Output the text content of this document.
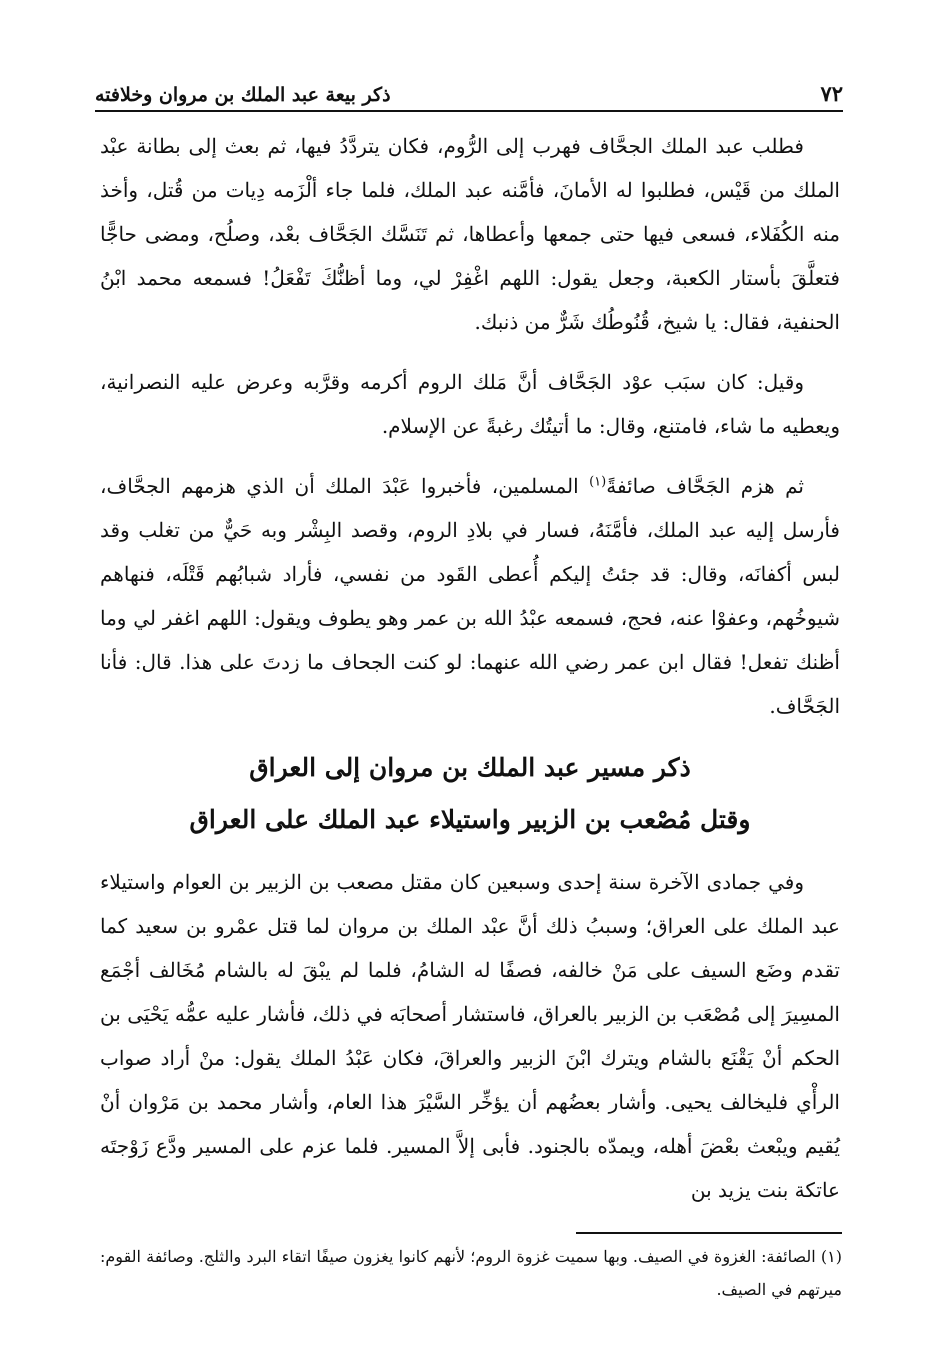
٧٢
ذكر بيعة عبد الملك بن مروان وخلافته

فطلب عبد الملك الجحَّاف فهرب إلى الرُّوم، فكان يتردَّدُ فيها، ثم بعث إلى بطانة عبْد الملك من قَيْس، فطلبوا له الأمانَ، فأمَّنه عبد الملك، فلما جاء ألْزَمه دِيات من قُتل، وأخذ منه الكُفَلاء، فسعى فيها حتى جمعها وأعطاها، ثم تَنَسَّك الجَحَّاف بعْد، وصلُح، ومضى حاجًّا فتعلَّقَ بأستار الكعبة، وجعل يقول: اللهم اغْفِرْ لي، وما أظنُّكَ تَفْعَلُ! فسمعه محمد ابْنُ الحنفية، فقال: يا شيخ، قُنُوطُك شَرٌّ من ذنبك.

وقيل: كان سبَب عوْد الجَحَّاف أنَّ مَلك الروم أكرمه وقرَّبه وعرض عليه النصرانية، ويعطيه ما شاء، فامتنع، وقال: ما أتيتُك رغبةً عن الإسلام.

ثم هزم الجَحَّاف صائفةً$^{(١)}$ المسلمين، فأخبروا عَبْدَ الملك أن الذي هزمهم الجحَّاف، فأرسل إليه عبد الملك، فأمَّنَهُ، فسار في بلادِ الروم، وقصد البِشْر وبه حَيٌّ من تغلب وقد لبس أكفانَه، وقال: قد جئتُ إليكم أُعطى القَود من نفسي، فأراد شبابُهم قَتْلَه، فنهاهم شيوخُهم، وعفوْا عنه، فحج، فسمعه عبْدُ الله بن عمر وهو يطوف ويقول: اللهم اغفر لي وما أظنك تفعل! فقال ابن عمر رضي الله عنهما: لو كنت الجحاف ما زدتَ على هذا. قال: فأنا الجَحَّاف.

ذكر مسير عبد الملك بن مروان إلى العراق
وقتل مُصْعب بن الزبير واستيلاء عبد الملك على العراق

وفي جمادى الآخرة سنة إحدى وسبعين كان مقتل مصعب بن الزبير بن العوام واستيلاء عبد الملك على العراق؛ وسببُ ذلك أنَّ عبْد الملك بن مروان لما قتل عمْرو بن سعيد كما تقدم وضَع السيف على مَنْ خالفه، فصفًا له الشامُ، فلما لم يبْقَ له بالشام مُخَالف أجْمَع المسِيرَ إلى مُصْعَب بن الزبير بالعراق، فاستشار أصحابَه في ذلك، فأشار عليه عمُّه يَحْيَى بن الحكم أنْ يَقْنَع بالشام ويترك ابْنَ الزبير والعراقَ، فكان عَبْدُ الملك يقول: منْ أراد صواب الرأْي فليخالف يحيى. وأشار بعضُهم أن يؤخِّر السَّيْرَ هذا العام، وأشار محمد بن مَرْوان أنْ يُقيم ويبْعث بعْضَ أهله، ويمدّه بالجنود. فأبى إلاَّ المسير. فلما عزم على المسير ودَّع زَوْجتَه عاتكة بنت يزيد بن

(١) الصائفة: الغزوة في الصيف. وبها سميت غزوة الروم؛ لأنهم كانوا يغزون صيفًا اتقاء البرد والثلج. وصائفة القوم: ميرتهم في الصيف.
